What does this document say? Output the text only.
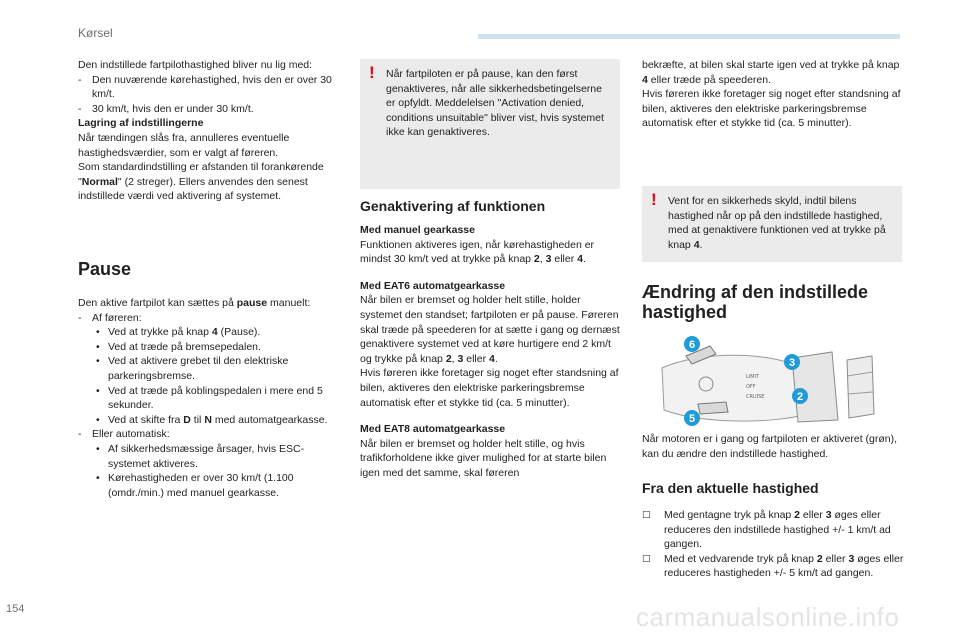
Kørsel

Den indstillede fartpilothastighed bliver nu lig med:

- Den nuværende kørehastighed, hvis den er over 30 km/t.

- 30 km/t, hvis den er under 30 km/t.

Lagring af indstillingerne

Når tændingen slås fra, annulleres eventuelle hastighedsværdier, som er valgt af føreren.

Som standardindstilling er afstanden til forankørende "Normal" (2 streger). Ellers anvendes den senest indstillede værdi ved aktivering af systemet.

Pause

Den aktive fartpilot kan sættes på pause manuelt:

- Af føreren:

• Ved at trykke på knap 4 (Pause).

• Ved at træde på bremsepedalen.

• Ved at aktivere grebet til den elektriske parkeringsbremse.

• Ved at træde på koblingspedalen i mere end 5 sekunder.

• Ved at skifte fra D til N med automatgearkasse.

- Eller automatisk:

• Af sikkerhedsmæssige årsager, hvis ESC-systemet aktiveres.

• Kørehastigheden er over 30 km/t (1.100 (omdr./min.) med manuel gearkasse.

! Når fartpiloten er på pause, kan den først genaktiveres, når alle sikkerhedsbetingelserne er opfyldt. Meddelelsen "Activation denied, conditions unsuitable" bliver vist, hvis systemet ikke kan genaktiveres.
Genaktivering af funktionen

Med manuel gearkasse

Funktionen aktiveres igen, når kørehastigheden er mindst 30 km/t ved at trykke på knap 2, 3 eller 4.

Med EAT6 automatgearkasse

Når bilen er bremset og holder helt stille, holder systemet den standset; fartpiloten er på pause. Føreren skal træde på speederen for at sætte i gang og dernæst genaktivere systemet ved at køre hurtigere end 2 km/t og trykke på knap 2, 3 eller 4.

Hvis føreren ikke foretager sig noget efter standsning af bilen, aktiveres den elektriske parkeringsbremse automatisk efter et stykke tid (ca. 5 minutter).

Med EAT8 automatgearkasse

Når bilen er bremset og holder helt stille, og hvis trafikforholdene ikke giver mulighed for at starte bilen igen med det samme, skal føreren

bekræfte, at bilen skal starte igen ved at trykke på knap 4 eller træde på speederen.

Hvis føreren ikke foretager sig noget efter standsning af bilen, aktiveres den elektriske parkeringsbremse automatisk efter et stykke tid (ca. 5 minutter).

! Vent for en sikkerheds skyld, indtil bilens hastighed når op på den indstillede hastighed, med at genaktivere funktionen ved at trykke på knap 4.
Ændring af den indstillede hastighed
LIMIT
OFF
CRUISE
6
3
2
5

Når motoren er i gang og fartpiloten er aktiveret (grøn), kan du ændre den indstillede hastighed.

Fra den aktuelle hastighed

□ Med gentagne tryk på knap 2 eller 3 øges eller reduceres den indstillede hastighed +/- 1 km/t ad gangen.

□ Med et vedvarende tryk på knap 2 eller 3 øges eller reduceres hastigheden +/- 5 km/t ad gangen.

154	carmanualsonline.info
